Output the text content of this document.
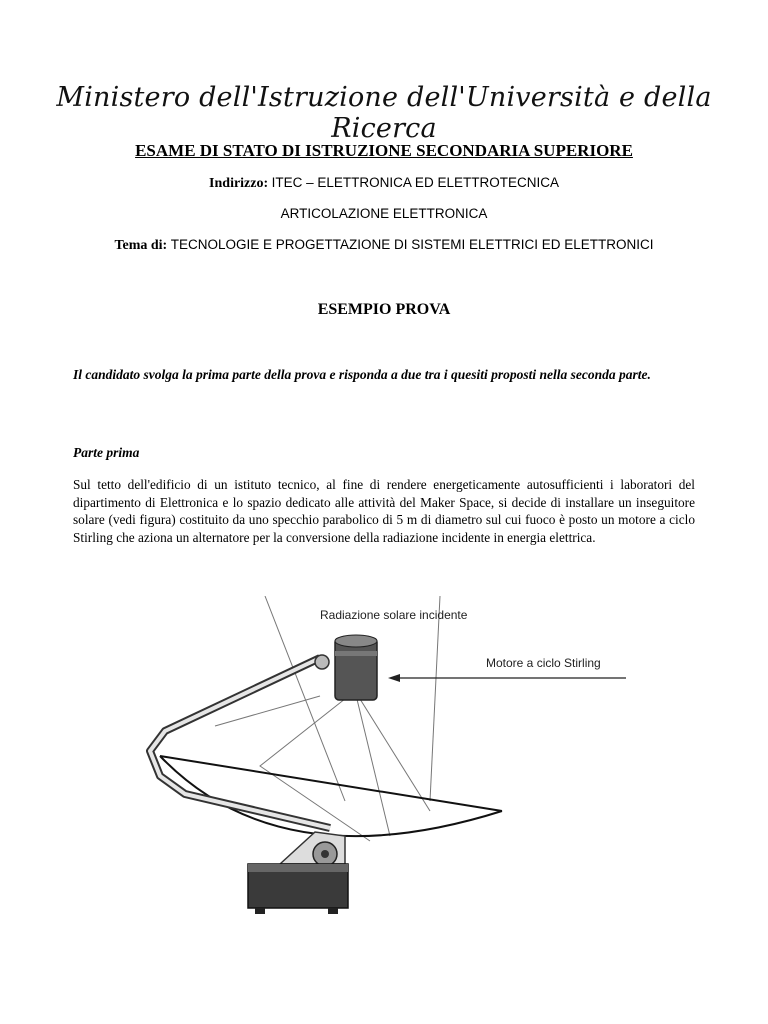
Ministero dell'Istruzione dell'Università e della Ricerca
ESAME DI STATO DI ISTRUZIONE SECONDARIA SUPERIORE
Indirizzo: ITEC – ELETTRONICA ED ELETTROTECNICA
ARTICOLAZIONE ELETTRONICA
Tema di: TECNOLOGIE E PROGETTAZIONE DI SISTEMI ELETTRICI ED ELETTRONICI
ESEMPIO PROVA
Il candidato svolga la prima parte della prova e risponda a due tra i quesiti proposti nella seconda parte.
Parte prima
Sul tetto dell'edificio di un istituto tecnico, al fine di rendere energeticamente autosufficienti i laboratori del dipartimento di Elettronica e lo spazio dedicato alle attività del Maker Space, si decide di installare un inseguitore solare (vedi figura) costituito da uno specchio parabolico di 5 m di diametro sul cui fuoco è posto un motore a ciclo Stirling che aziona un alternatore per la conversione della radiazione incidente in energia elettrica.
Radiazione solare incidente
Motore a ciclo Stirling
